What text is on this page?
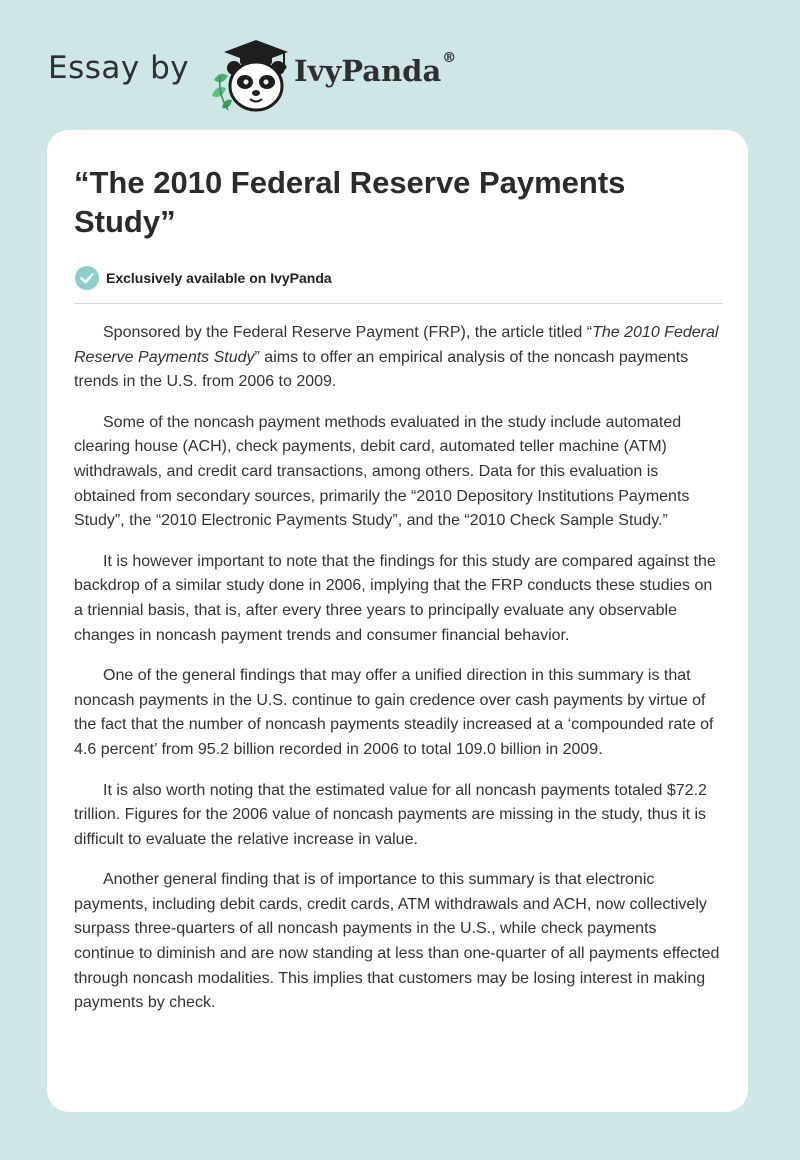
Essay by	IvyPanda®
“The 2010 Federal Reserve Payments Study”
Exclusively available on IvyPanda

Sponsored by the Federal Reserve Payment (FRP), the article titled “The 2010 Federal Reserve Payments Study” aims to offer an empirical analysis of the noncash payments trends in the U.S. from 2006 to 2009.

Some of the noncash payment methods evaluated in the study include automated clearing house (ACH), check payments, debit card, automated teller machine (ATM) withdrawals, and credit card transactions, among others. Data for this evaluation is obtained from secondary sources, primarily the “2010 Depository Institutions Payments Study”, the “2010 Electronic Payments Study”, and the “2010 Check Sample Study.”

It is however important to note that the findings for this study are compared against the backdrop of a similar study done in 2006, implying that the FRP conducts these studies on a triennial basis, that is, after every three years to principally evaluate any observable changes in noncash payment trends and consumer financial behavior.

One of the general findings that may offer a unified direction in this summary is that noncash payments in the U.S. continue to gain credence over cash payments by virtue of the fact that the number of noncash payments steadily increased at a ‘compounded rate of 4.6 percent’ from 95.2 billion recorded in 2006 to total 109.0 billion in 2009.

It is also worth noting that the estimated value for all noncash payments totaled $72.2 trillion. Figures for the 2006 value of noncash payments are missing in the study, thus it is difficult to evaluate the relative increase in value.

Another general finding that is of importance to this summary is that electronic payments, including debit cards, credit cards, ATM withdrawals and ACH, now collectively surpass three-quarters of all noncash payments in the U.S., while check payments continue to diminish and are now standing at less than one-quarter of all payments effected through noncash modalities. This implies that customers may be losing interest in making payments by check.
